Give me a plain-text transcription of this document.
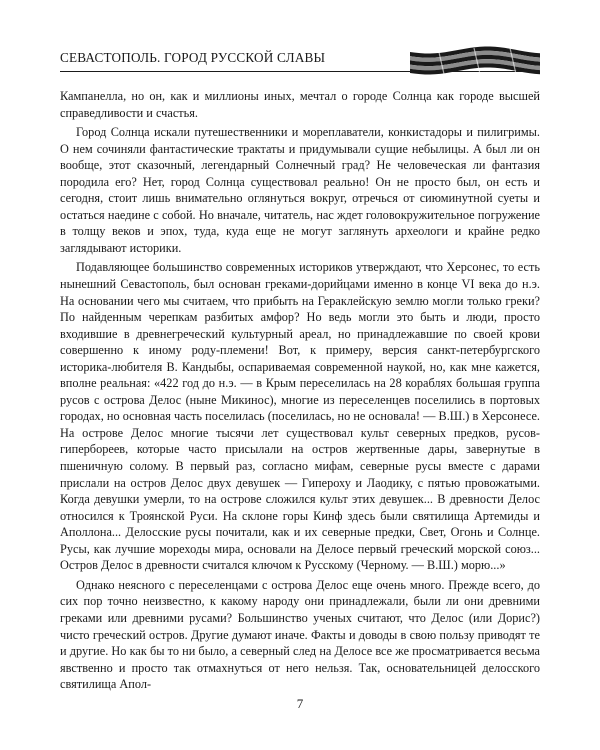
СЕВАСТОПОЛЬ. ГОРОД РУССКОЙ СЛАВЫ

Кампанелла, но он, как и миллионы иных, мечтал о городе Солнца как городе высшей справедливости и счастья.

Город Солнца искали путешественники и мореплаватели, конкистадоры и пилигримы. О нем сочиняли фантастические трактаты и придумывали сущие небылицы. А был ли он вообще, этот сказочный, легендарный Солнечный град? Не человеческая ли фантазия породила его? Нет, город Солнца существовал реально! Он не просто был, он есть и сегодня, стоит лишь внимательно оглянуться вокруг, отречься от сиюминутной суеты и остаться наедине с собой. Но вначале, читатель, нас ждет головокружительное погружение в толщу веков и эпох, туда, куда еще не могут заглянуть археологи и крайне редко заглядывают историки.

Подавляющее большинство современных историков утверждают, что Херсонес, то есть нынешний Севастополь, был основан греками-дорийцами именно в конце VI века до н.э. На основании чего мы считаем, что прибыть на Гераклейскую землю могли только греки? По найденным черепкам разбитых амфор? Но ведь могли это быть и люди, просто входившие в древнегреческий культурный ареал, но принадлежавшие по своей крови совершенно к иному роду-племени! Вот, к примеру, версия санкт-петербургского историка-любителя В. Кандыбы, оспариваемая современной наукой, но, как мне кажется, вполне реальная: «422 год до н.э. — в Крым переселилась на 28 кораблях большая группа русов с острова Делос (ныне Микинос), многие из переселенцев поселились в портовых городах, но основная часть поселилась (поселилась, но не основала! — В.Ш.) в Херсонесе. На острове Делос многие тысячи лет существовал культ северных предков, русов-гипербореев, которые часто присылали на остров жертвенные дары, завернутые в пшеничную солому. В первый раз, согласно мифам, северные русы вместе с дарами прислали на остров Делос двух девушек — Гипероху и Лаодику, с пятью провожатыми. Когда девушки умерли, то на острове сложился культ этих девушек... В древности Делос относился к Троянской Руси. На склоне горы Кинф здесь были святилища Артемиды и Аполлона... Делосские русы почитали, как и их северные предки, Свет, Огонь и Солнце. Русы, как лучшие мореходы мира, основали на Делосе первый греческий морской союз... Остров Делос в древности считался ключом к Русскому (Черному. — В.Ш.) морю...»

Однако неясного с переселенцами с острова Делос еще очень много. Прежде всего, до сих пор точно неизвестно, к какому народу они принадлежали, были ли они древними греками или древними русами? Большинство ученых считают, что Делос (или Дорис?) чисто греческий остров. Другие думают иначе. Факты и доводы в свою пользу приводят те и другие. Но как бы то ни было, а северный след на Делосе все же просматривается весьма явственно и просто так отмахнуться от него нельзя. Так, основательницей делосского святилища Апол-

7
